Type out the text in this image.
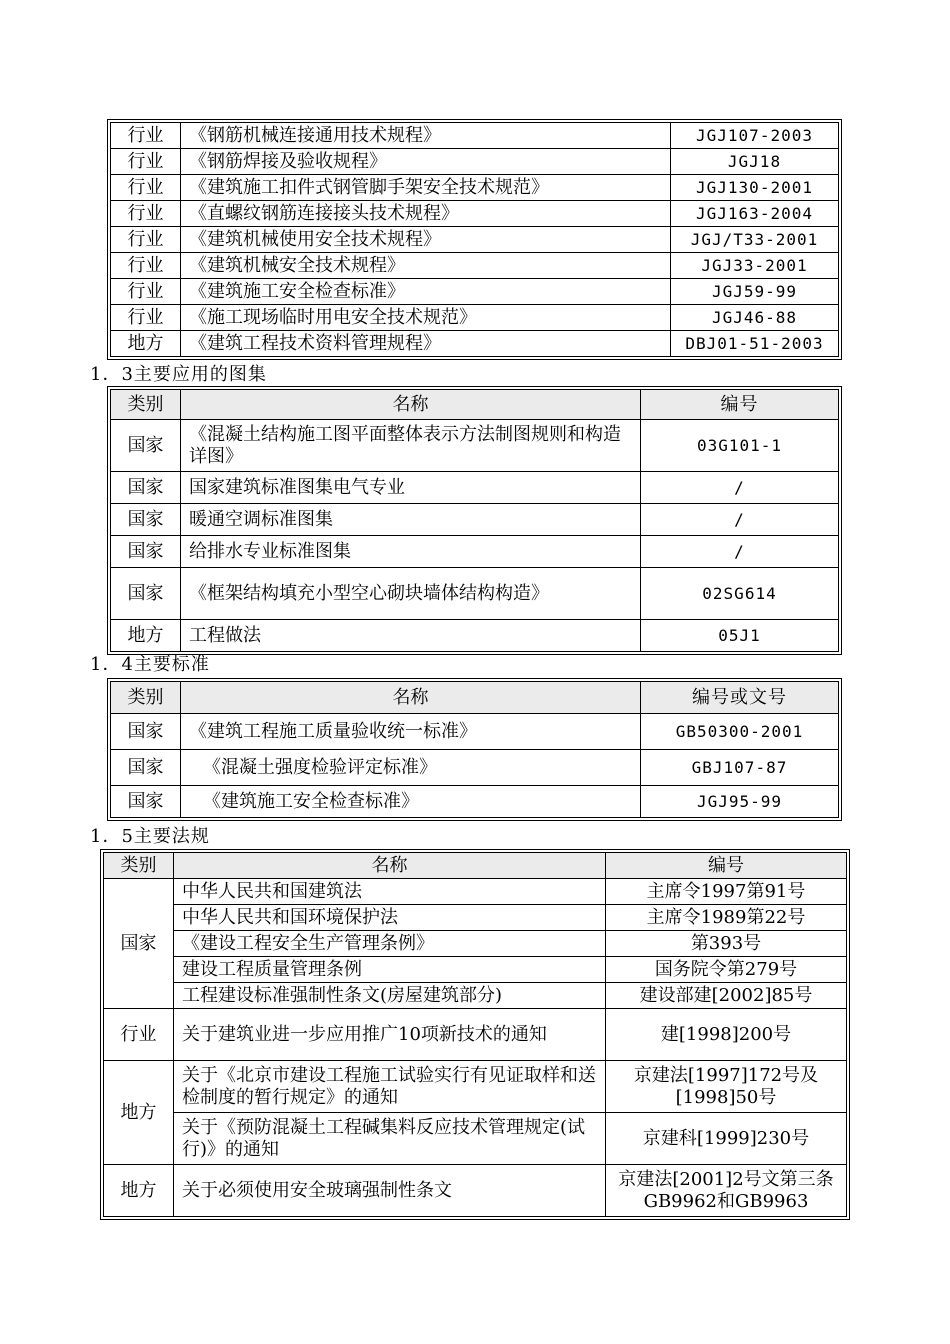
行业	《钢筋机械连接通用技术规程》	JGJ107-2003
行业	《钢筋焊接及验收规程》	JGJ18
行业	《建筑施工扣件式钢管脚手架安全技术规范》	JGJ130-2001
行业	《直螺纹钢筋连接接头技术规程》	JGJ163-2004
行业	《建筑机械使用安全技术规程》	JGJ/T33-2001
行业	《建筑机械安全技术规程》	JGJ33-2001
行业	《建筑施工安全检查标准》	JGJ59-99
行业	《施工现场临时用电安全技术规范》	JGJ46-88
地方	《建筑工程技术资料管理规程》	DBJ01-51-2003
1．3主要应用的图集
类别	名称	编号
国家	《混凝土结构施工图平面整体表示方法制图规则和构造详图》	03G101-1
国家	国家建筑标准图集电气专业	/
国家	暖通空调标准图集	/
国家	给排水专业标准图集	/
国家	《框架结构填充小型空心砌块墙体结构构造》	02SG614
地方	工程做法	05J1
1．4主要标准
类别	名称	编号或文号
国家	《建筑工程施工质量验收统一标准》	GB50300-2001
国家	《混凝土强度检验评定标准》	GBJ107-87
国家	《建筑施工安全检查标准》	JGJ95-99
1．5主要法规
类别	名称	编号
国家	中华人民共和国建筑法	主席令1997第91号
	中华人民共和国环境保护法	主席令1989第22号
	《建设工程安全生产管理条例》	第393号
	建设工程质量管理条例	国务院令第279号
	工程建设标准强制性条文(房屋建筑部分)	建设部建[2002]85号
行业	关于建筑业进一步应用推广10项新技术的通知	建[1998]200号
地方	关于《北京市建设工程施工试验实行有见证取样和送检制度的暂行规定》的通知	京建法[1997]172号及[1998]50号
	关于《预防混凝土工程碱集料反应技术管理规定(试行)》的通知	京建科[1999]230号
地方	关于必须使用安全玻璃强制性条文	京建法[2001]2号文第三条GB9962和GB9963
